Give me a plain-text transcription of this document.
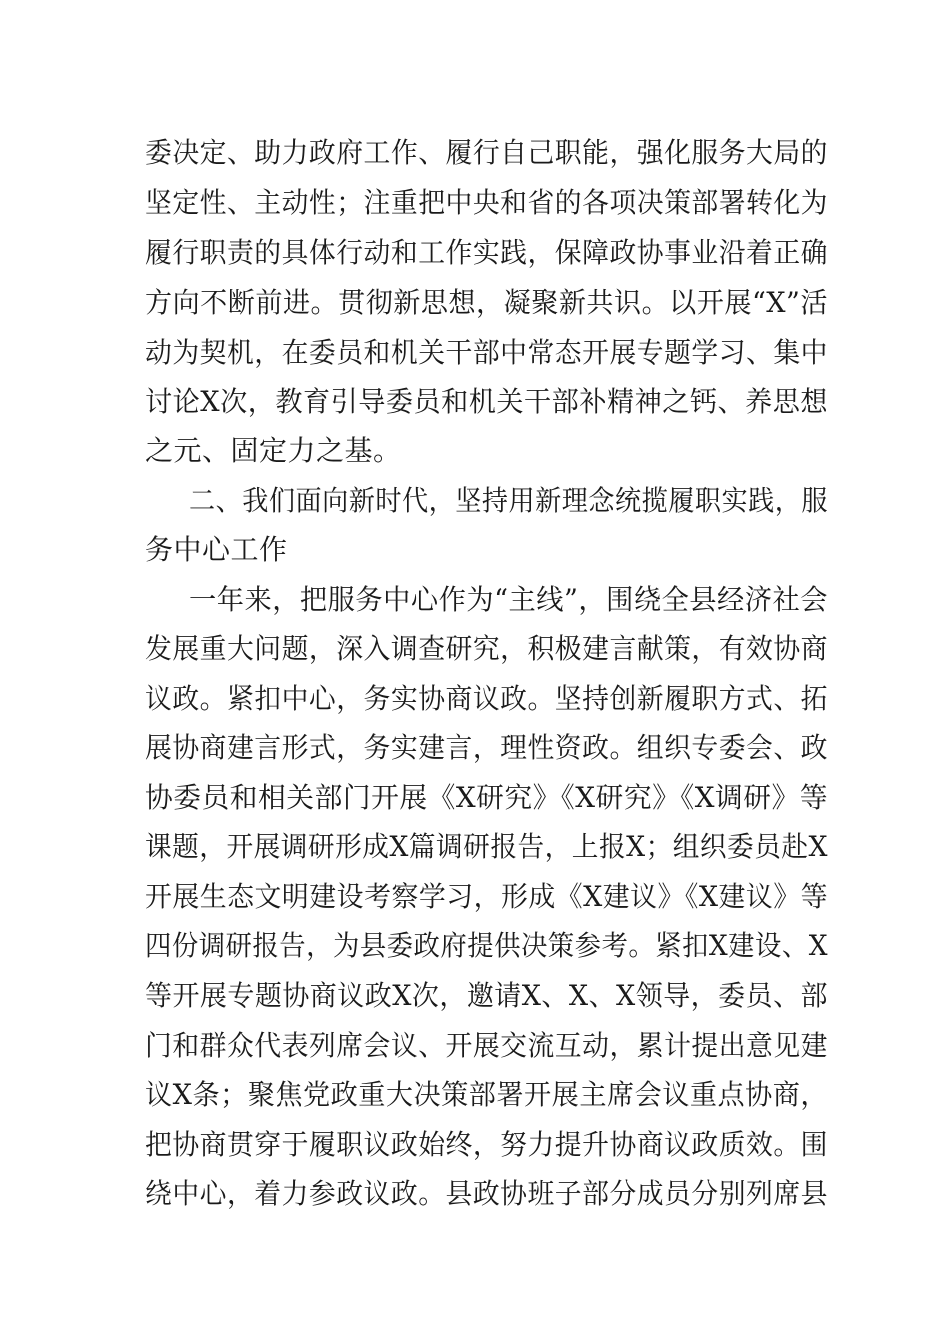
委决定、助力政府工作、履行自己职能，强化服务大局的
坚定性、主动性；注重把中央和省的各项决策部署转化为
履行职责的具体行动和工作实践，保障政协事业沿着正确
方向不断前进。贯彻新思想，凝聚新共识。以开展“X”活
动为契机，在委员和机关干部中常态开展专题学习、集中
讨论X次，教育引导委员和机关干部补精神之钙、养思想
之元、固定力之基。
二、我们面向新时代，坚持用新理念统揽履职实践，服
务中心工作
一年来，把服务中心作为“主线”，围绕全县经济社会
发展重大问题，深入调查研究，积极建言献策，有效协商
议政。紧扣中心，务实协商议政。坚持创新履职方式、拓
展协商建言形式，务实建言，理性资政。组织专委会、政
协委员和相关部门开展《X研究》《X研究》《X调研》等
课题，开展调研形成X篇调研报告，上报X；组织委员赴X
开展生态文明建设考察学习，形成《X建议》《X建议》等
四份调研报告，为县委政府提供决策参考。紧扣X建设、X
等开展专题协商议政X次，邀请X、X、X领导，委员、部
门和群众代表列席会议、开展交流互动，累计提出意见建
议X条；聚焦党政重大决策部署开展主席会议重点协商，
把协商贯穿于履职议政始终，努力提升协商议政质效。围
绕中心，着力参政议政。县政协班子部分成员分别列席县
